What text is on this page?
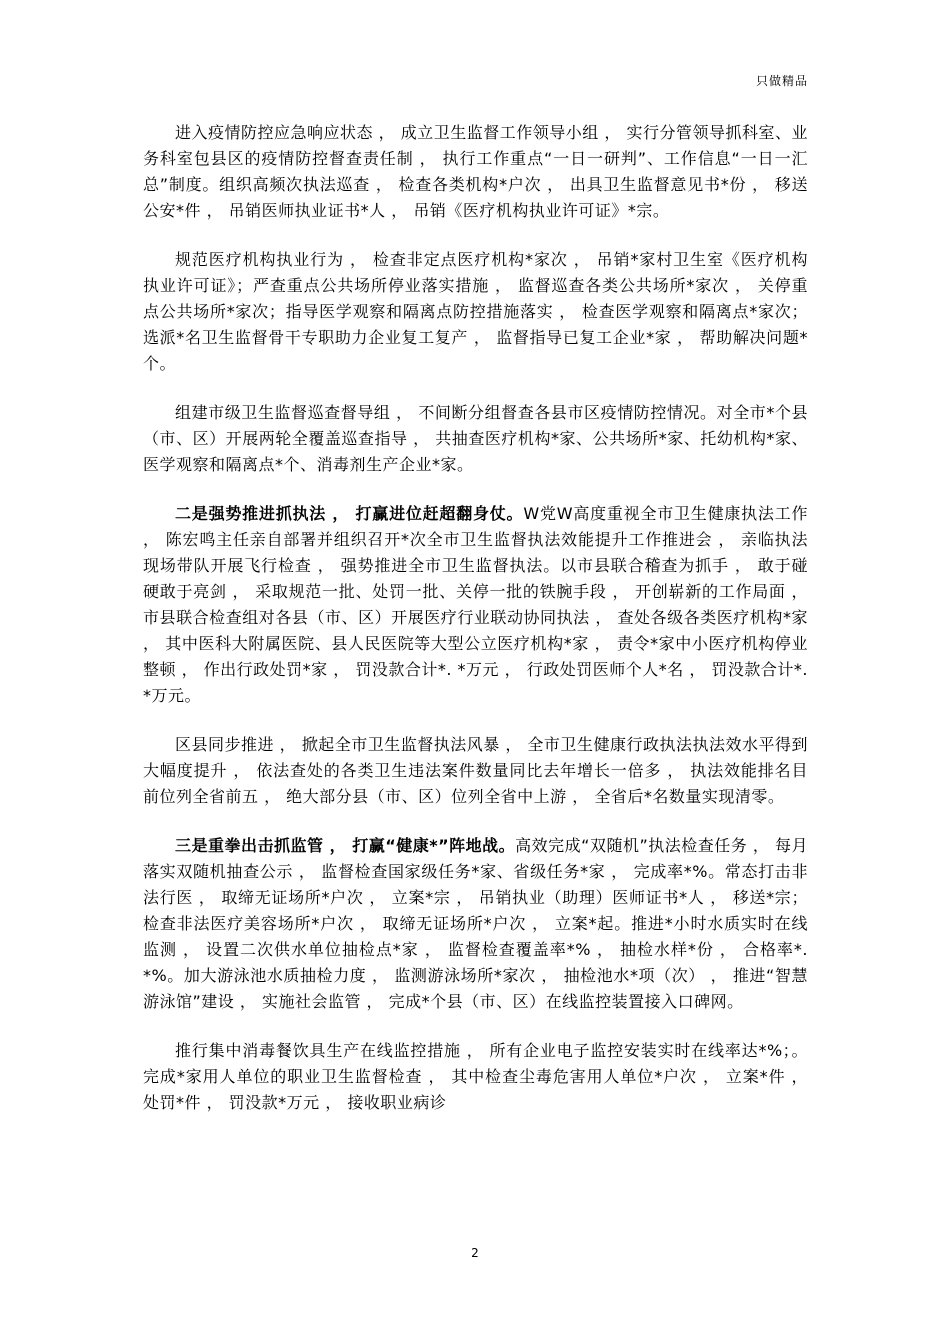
只做精品

进入疫情防控应急响应状态 ， 成立卫生监督工作领导小组 ， 实行分管领导抓科室、业务科室包县区的疫情防控督查责任制 ， 执行工作重点“一日一研判”、工作信息“一日一汇总”制度。组织高频次执法巡查 ， 检查各类机构*户次 ， 出具卫生监督意见书*份 ， 移送公安*件 ， 吊销医师执业证书*人 ， 吊销《医疗机构执业许可证》*宗。

规范医疗机构执业行为 ， 检查非定点医疗机构*家次 ， 吊销*家村卫生室《医疗机构执业许可证》；严查重点公共场所停业落实措施 ， 监督巡查各类公共场所*家次 ， 关停重点公共场所*家次；指导医学观察和隔离点防控措施落实 ， 检查医学观察和隔离点*家次；选派*名卫生监督骨干专职助力企业复工复产 ， 监督指导已复工企业*家 ， 帮助解决问题*个。

组建市级卫生监督巡查督导组 ， 不间断分组督查各县市区疫情防控情况。对全市*个县（市、区）开展两轮全覆盖巡查指导 ， 共抽查医疗机构*家、公共场所*家、托幼机构*家、医学观察和隔离点*个、消毒剂生产企业*家。

二是强势推进抓执法 ， 打赢进位赶超翻身仗。W党W高度重视全市卫生健康执法工作 ， 陈宏鸣主任亲自部署并组织召开*次全市卫生监督执法效能提升工作推进会 ， 亲临执法现场带队开展飞行检查 ， 强势推进全市卫生监督执法。以市县联合稽查为抓手 ， 敢于碰硬敢于亮剑 ， 采取规范一批、处罚一批、关停一批的铁腕手段 ， 开创崭新的工作局面 ， 市县联合检查组对各县（市、区）开展医疗行业联动协同执法 ， 查处各级各类医疗机构*家 ， 其中医科大附属医院、县人民医院等大型公立医疗机构*家 ， 责令*家中小医疗机构停业整顿 ， 作出行政处罚*家 ， 罚没款合计*. *万元 ， 行政处罚医师个人*名 ， 罚没款合计*. *万元。

区县同步推进 ， 掀起全市卫生监督执法风暴 ， 全市卫生健康行政执法执法效水平得到大幅度提升 ， 依法查处的各类卫生违法案件数量同比去年增长一倍多 ， 执法效能排名目前位列全省前五 ， 绝大部分县（市、区）位列全省中上游 ， 全省后*名数量实现清零。

三是重拳出击抓监管 ， 打赢“健康*”阵地战。高效完成“双随机”执法检查任务 ， 每月落实双随机抽查公示 ， 监督检查国家级任务*家、省级任务*家 ， 完成率*%。常态打击非法行医 ， 取缔无证场所*户次 ， 立案*宗 ， 吊销执业（助理）医师证书*人 ， 移送*宗；检查非法医疗美容场所*户次 ， 取缔无证场所*户次 ， 立案*起。推进*小时水质实时在线监测 ， 设置二次供水单位抽检点*家 ， 监督检查覆盖率*% ， 抽检水样*份 ， 合格率*. *%。加大游泳池水质抽检力度 ， 监测游泳场所*家次 ， 抽检池水*项（次） ， 推进“智慧游泳馆”建设 ， 实施社会监管 ， 完成*个县（市、区）在线监控装置接入口碑网。

推行集中消毒餐饮具生产在线监控措施 ， 所有企业电子监控安装实时在线率达*%；。完成*家用人单位的职业卫生监督检查 ， 其中检查尘毒危害用人单位*户次 ， 立案*件 ， 处罚*件 ， 罚没款*万元 ， 接收职业病诊

2
